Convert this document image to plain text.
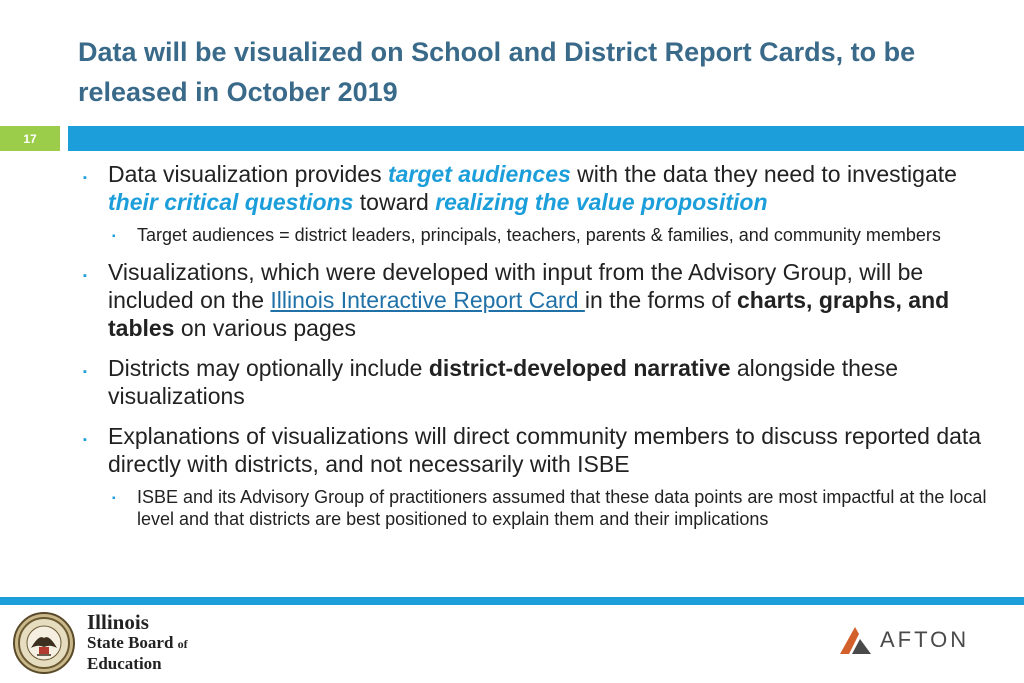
Data will be visualized on School and District Report Cards, to be released in October 2019
17
▪ Data visualization provides target audiences with the data they need to investigate their critical questions toward realizing the value proposition
▪ Target audiences = district leaders, principals, teachers, parents & families, and community members
▪ Visualizations, which were developed with input from the Advisory Group, will be included on the Illinois Interactive Report Card in the forms of charts, graphs, and tables on various pages
▪ Districts may optionally include district-developed narrative alongside these visualizations
▪ Explanations of visualizations will direct community members to discuss reported data directly with districts, and not necessarily with ISBE
▪ ISBE and its Advisory Group of practitioners assumed that these data points are most impactful at the local level and that districts are best positioned to explain them and their implications
Illinois
State Board of
Education
AFTON
